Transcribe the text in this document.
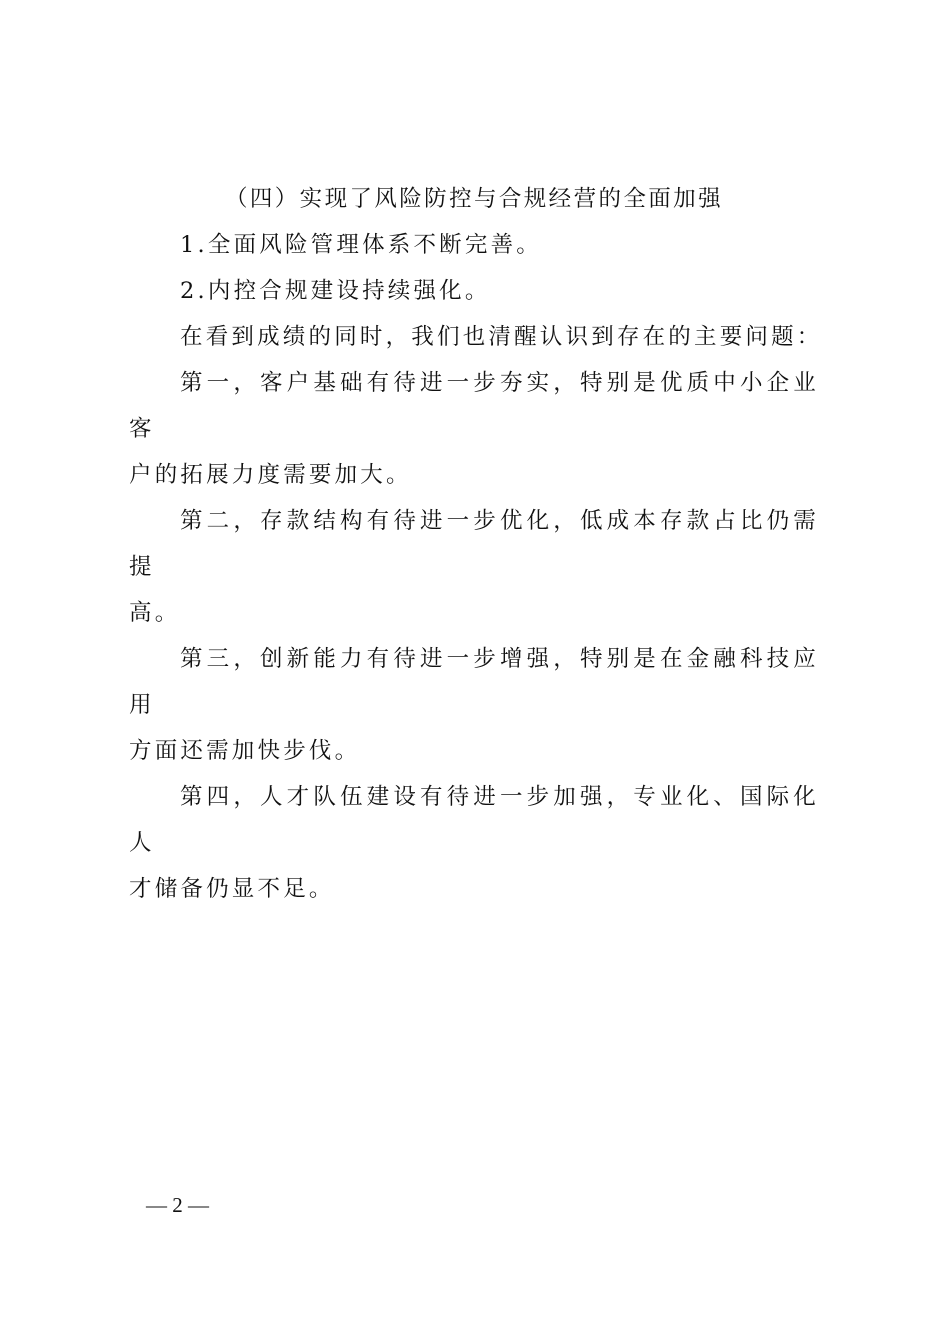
（四）实现了风险防控与合规经营的全面加强

1.全面风险管理体系不断完善。

2.内控合规建设持续强化。

在看到成绩的同时，我们也清醒认识到存在的主要问题：

第一，客户基础有待进一步夯实，特别是优质中小企业客
户的拓展力度需要加大。

第二，存款结构有待进一步优化，低成本存款占比仍需提
高。

第三，创新能力有待进一步增强，特别是在金融科技应用
方面还需加快步伐。

第四，人才队伍建设有待进一步加强，专业化、国际化人
才储备仍显不足。

— 2 —
